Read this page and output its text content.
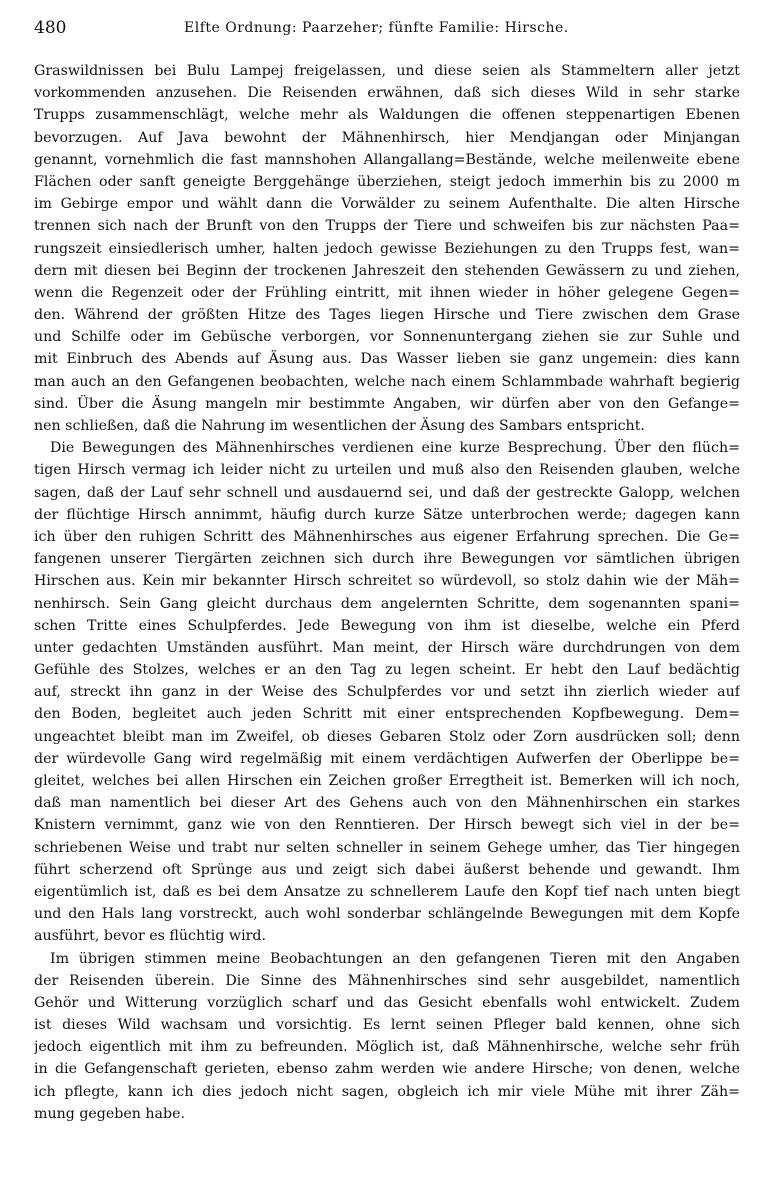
480	Elfte Ordnung: Paarzeher; fünfte Familie: Hirsche.
Graswildnissen bei Bulu Lampej freigelassen, und diese seien als Stammeltern aller jetzt
vorkommenden anzusehen. Die Reisenden erwähnen, daß sich dieses Wild in sehr starke
Trupps zusammenschlägt, welche mehr als Waldungen die offenen steppenartigen Ebenen
bevorzugen. Auf Java bewohnt der Mähnenhirsch, hier Mendjangan oder Minjangan
genannt, vornehmlich die fast mannshohen Allangallang=Bestände, welche meilenweite ebene
Flächen oder sanft geneigte Berggehänge überziehen, steigt jedoch immerhin bis zu 2000 m
im Gebirge empor und wählt dann die Vorwälder zu seinem Aufenthalte. Die alten Hirsche
trennen sich nach der Brunft von den Trupps der Tiere und schweifen bis zur nächsten Paa=
rungszeit einsiedlerisch umher, halten jedoch gewisse Beziehungen zu den Trupps fest, wan=
dern mit diesen bei Beginn der trockenen Jahreszeit den stehenden Gewässern zu und ziehen,
wenn die Regenzeit oder der Frühling eintritt, mit ihnen wieder in höher gelegene Gegen=
den. Während der größten Hitze des Tages liegen Hirsche und Tiere zwischen dem Grase
und Schilfe oder im Gebüsche verborgen, vor Sonnenuntergang ziehen sie zur Suhle und
mit Einbruch des Abends auf Äsung aus. Das Wasser lieben sie ganz ungemein: dies kann
man auch an den Gefangenen beobachten, welche nach einem Schlammbade wahrhaft begierig
sind. Über die Äsung mangeln mir bestimmte Angaben, wir dürfen aber von den Gefange=
nen schließen, daß die Nahrung im wesentlichen der Äsung des Sambars entspricht.
Die Bewegungen des Mähnenhirsches verdienen eine kurze Besprechung. Über den flüch=
tigen Hirsch vermag ich leider nicht zu urteilen und muß also den Reisenden glauben, welche
sagen, daß der Lauf sehr schnell und ausdauernd sei, und daß der gestreckte Galopp, welchen
der flüchtige Hirsch annimmt, häufig durch kurze Sätze unterbrochen werde; dagegen kann
ich über den ruhigen Schritt des Mähnenhirsches aus eigener Erfahrung sprechen. Die Ge=
fangenen unserer Tiergärten zeichnen sich durch ihre Bewegungen vor sämtlichen übrigen
Hirschen aus. Kein mir bekannter Hirsch schreitet so würdevoll, so stolz dahin wie der Mäh=
nenhirsch. Sein Gang gleicht durchaus dem angelernten Schritte, dem sogenannten spani=
schen Tritte eines Schulpferdes. Jede Bewegung von ihm ist dieselbe, welche ein Pferd
unter gedachten Umständen ausführt. Man meint, der Hirsch wäre durchdrungen von dem
Gefühle des Stolzes, welches er an den Tag zu legen scheint. Er hebt den Lauf bedächtig
auf, streckt ihn ganz in der Weise des Schulpferdes vor und setzt ihn zierlich wieder auf
den Boden, begleitet auch jeden Schritt mit einer entsprechenden Kopfbewegung. Dem=
ungeachtet bleibt man im Zweifel, ob dieses Gebaren Stolz oder Zorn ausdrücken soll; denn
der würdevolle Gang wird regelmäßig mit einem verdächtigen Aufwerfen der Oberlippe be=
gleitet, welches bei allen Hirschen ein Zeichen großer Erregtheit ist. Bemerken will ich noch,
daß man namentlich bei dieser Art des Gehens auch von den Mähnenhirschen ein starkes
Knistern vernimmt, ganz wie von den Renntieren. Der Hirsch bewegt sich viel in der be=
schriebenen Weise und trabt nur selten schneller in seinem Gehege umher, das Tier hingegen
führt scherzend oft Sprünge aus und zeigt sich dabei äußerst behende und gewandt. Ihm
eigentümlich ist, daß es bei dem Ansatze zu schnellerem Laufe den Kopf tief nach unten biegt
und den Hals lang vorstreckt, auch wohl sonderbar schlängelnde Bewegungen mit dem Kopfe
ausführt, bevor es flüchtig wird.
Im übrigen stimmen meine Beobachtungen an den gefangenen Tieren mit den Angaben
der Reisenden überein. Die Sinne des Mähnenhirsches sind sehr ausgebildet, namentlich
Gehör und Witterung vorzüglich scharf und das Gesicht ebenfalls wohl entwickelt. Zudem
ist dieses Wild wachsam und vorsichtig. Es lernt seinen Pfleger bald kennen, ohne sich
jedoch eigentlich mit ihm zu befreunden. Möglich ist, daß Mähnenhirsche, welche sehr früh
in die Gefangenschaft gerieten, ebenso zahm werden wie andere Hirsche; von denen, welche
ich pflegte, kann ich dies jedoch nicht sagen, obgleich ich mir viele Mühe mit ihrer Zäh=
mung gegeben habe.
